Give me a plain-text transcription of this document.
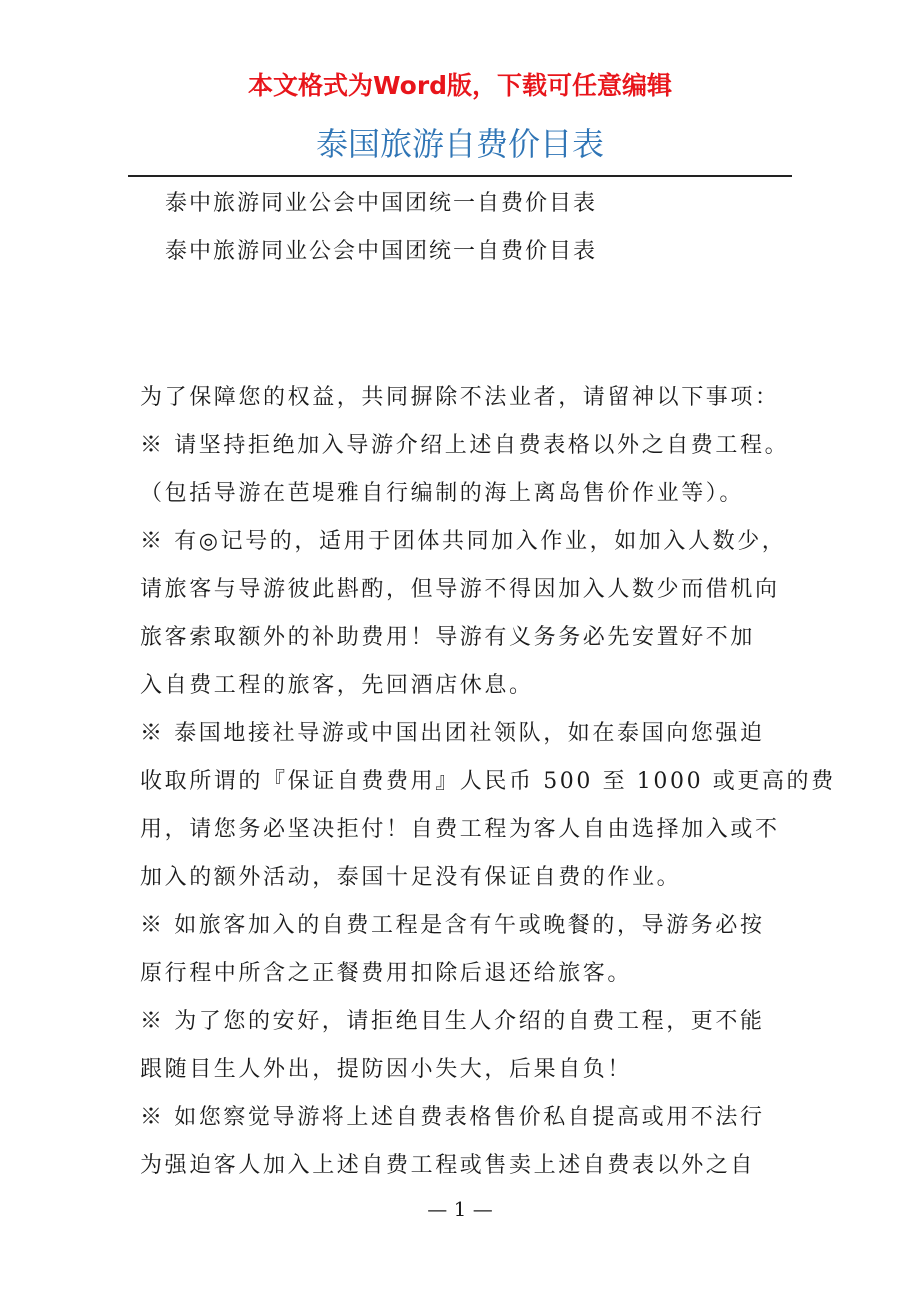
本文格式为Word版，下载可任意编辑
泰国旅游自费价目表
泰中旅游同业公会中国团统一自费价目表
泰中旅游同业公会中国团统一自费价目表
为了保障您的权益，共同摒除不法业者，请留神以下事项：
※ 请坚持拒绝加入导游介绍上述自费表格以外之自费工程。
（包括导游在芭堤雅自行编制的海上离岛售价作业等）。
※ 有◎记号的，适用于团体共同加入作业，如加入人数少，
请旅客与导游彼此斟酌，但导游不得因加入人数少而借机向
旅客索取额外的补助费用！导游有义务务必先安置好不加
入自费工程的旅客，先回酒店休息。
※ 泰国地接社导游或中国出团社领队，如在泰国向您强迫
收取所谓的『保证自费费用』人民币 500 至 1000 或更高的费
用，请您务必坚决拒付！自费工程为客人自由选择加入或不
加入的额外活动，泰国十足没有保证自费的作业。
※ 如旅客加入的自费工程是含有午或晚餐的，导游务必按
原行程中所含之正餐费用扣除后退还给旅客。
※ 为了您的安好，请拒绝目生人介绍的自费工程，更不能
跟随目生人外出，提防因小失大，后果自负！
※ 如您察觉导游将上述自费表格售价私自提高或用不法行
为强迫客人加入上述自费工程或售卖上述自费表以外之自
— 1 —
